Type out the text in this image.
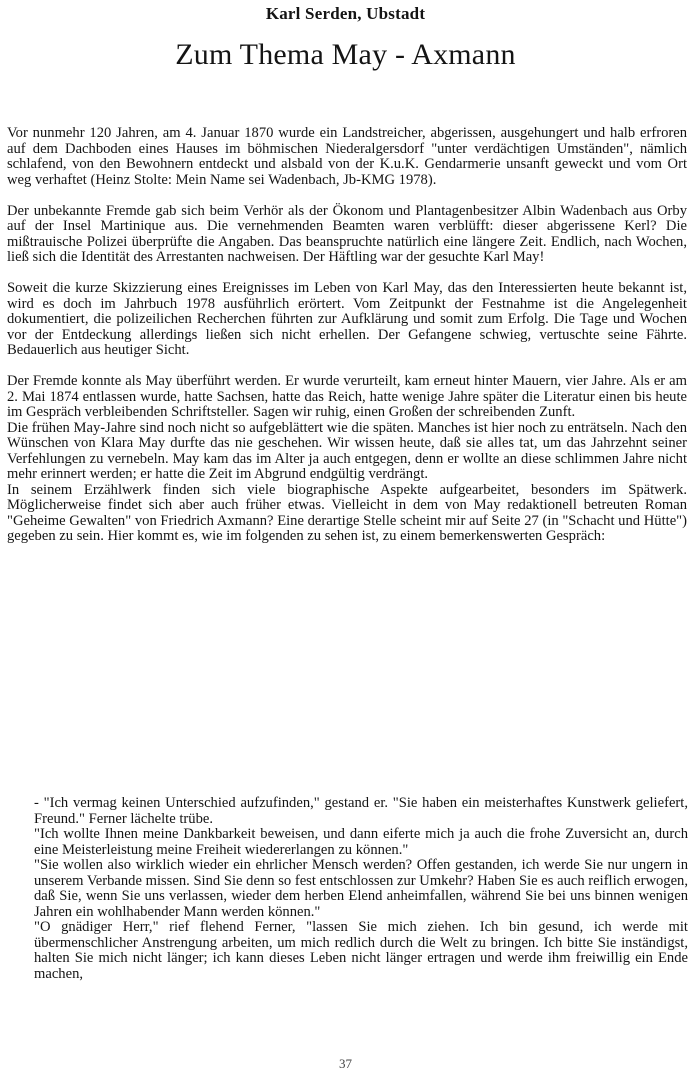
Karl Serden, Ubstadt
Zum Thema May - Axmann

Vor nunmehr 120 Jahren, am 4. Januar 1870 wurde ein Landstreicher, abgerissen, ausgehungert und halb erfroren auf dem Dachboden eines Hauses im böhmischen Niederalgersdorf "unter verdächtigen Umständen", nämlich schlafend, von den Bewohnern entdeckt und alsbald von der K.u.K. Gendarmerie unsanft geweckt und vom Ort weg verhaftet (Heinz Stolte: Mein Name sei Wadenbach, Jb-KMG 1978).

Der unbekannte Fremde gab sich beim Verhör als der Ökonom und Plantagenbesitzer Albin Wadenbach aus Orby auf der Insel Martinique aus. Die vernehmenden Beamten waren verblüfft: dieser abgerissene Kerl? Die mißtrauische Polizei überprüfte die Angaben. Das beanspruchte natürlich eine längere Zeit. Endlich, nach Wochen, ließ sich die Identität des Arrestanten nachweisen. Der Häftling war der gesuchte Karl May!

Soweit die kurze Skizzierung eines Ereignisses im Leben von Karl May, das den Interessierten heute bekannt ist, wird es doch im Jahrbuch 1978 ausführlich erörtert. Vom Zeitpunkt der Festnahme ist die Angelegenheit dokumentiert, die polizeilichen Recherchen führten zur Aufklärung und somit zum Erfolg. Die Tage und Wochen vor der Entdeckung allerdings ließen sich nicht erhellen. Der Gefangene schwieg, vertuschte seine Fährte. Bedauerlich aus heutiger Sicht.

Der Fremde konnte als May überführt werden. Er wurde verurteilt, kam erneut hinter Mauern, vier Jahre. Als er am 2. Mai 1874 entlassen wurde, hatte Sachsen, hatte das Reich, hatte wenige Jahre später die Literatur einen bis heute im Gespräch verbleibenden Schriftsteller. Sagen wir ruhig, einen Großen der schreibenden Zunft.

Die frühen May-Jahre sind noch nicht so aufgeblättert wie die späten. Manches ist hier noch zu enträtseln. Nach den Wünschen von Klara May durfte das nie geschehen. Wir wissen heute, daß sie alles tat, um das Jahrzehnt seiner Verfehlungen zu vernebeln. May kam das im Alter ja auch entgegen, denn er wollte an diese schlimmen Jahre nicht mehr erinnert werden; er hatte die Zeit im Abgrund endgültig verdrängt.

In seinem Erzählwerk finden sich viele biographische Aspekte aufgearbeitet, besonders im Spätwerk. Möglicherweise findet sich aber auch früher etwas. Vielleicht in dem von May redaktionell betreuten Roman "Geheime Gewalten" von Friedrich Axmann? Eine derartige Stelle scheint mir auf Seite 27 (in "Schacht und Hütte") gegeben zu sein. Hier kommt es, wie im folgenden zu sehen ist, zu einem bemerkenswerten Gespräch:

- "Ich vermag keinen Unterschied aufzufinden," gestand er. "Sie haben ein meisterhaftes Kunstwerk geliefert, Freund." Ferner lächelte trübe.

"Ich wollte Ihnen meine Dankbarkeit beweisen, und dann eiferte mich ja auch die frohe Zuversicht an, durch eine Meisterleistung meine Freiheit wiedererlangen zu können."

"Sie wollen also wirklich wieder ein ehrlicher Mensch werden? Offen gestanden, ich werde Sie nur ungern in unserem Verbande missen. Sind Sie denn so fest entschlossen zur Umkehr? Haben Sie es auch reiflich erwogen, daß Sie, wenn Sie uns verlassen, wieder dem herben Elend anheimfallen, während Sie bei uns binnen wenigen Jahren ein wohlhabender Mann werden können."

"O gnädiger Herr," rief flehend Ferner, "lassen Sie mich ziehen. Ich bin gesund, ich werde mit übermenschlicher Anstrengung arbeiten, um mich redlich durch die Welt zu bringen. Ich bitte Sie inständigst, halten Sie mich nicht länger; ich kann dieses Leben nicht länger ertragen und werde ihm freiwillig ein Ende machen,

37
